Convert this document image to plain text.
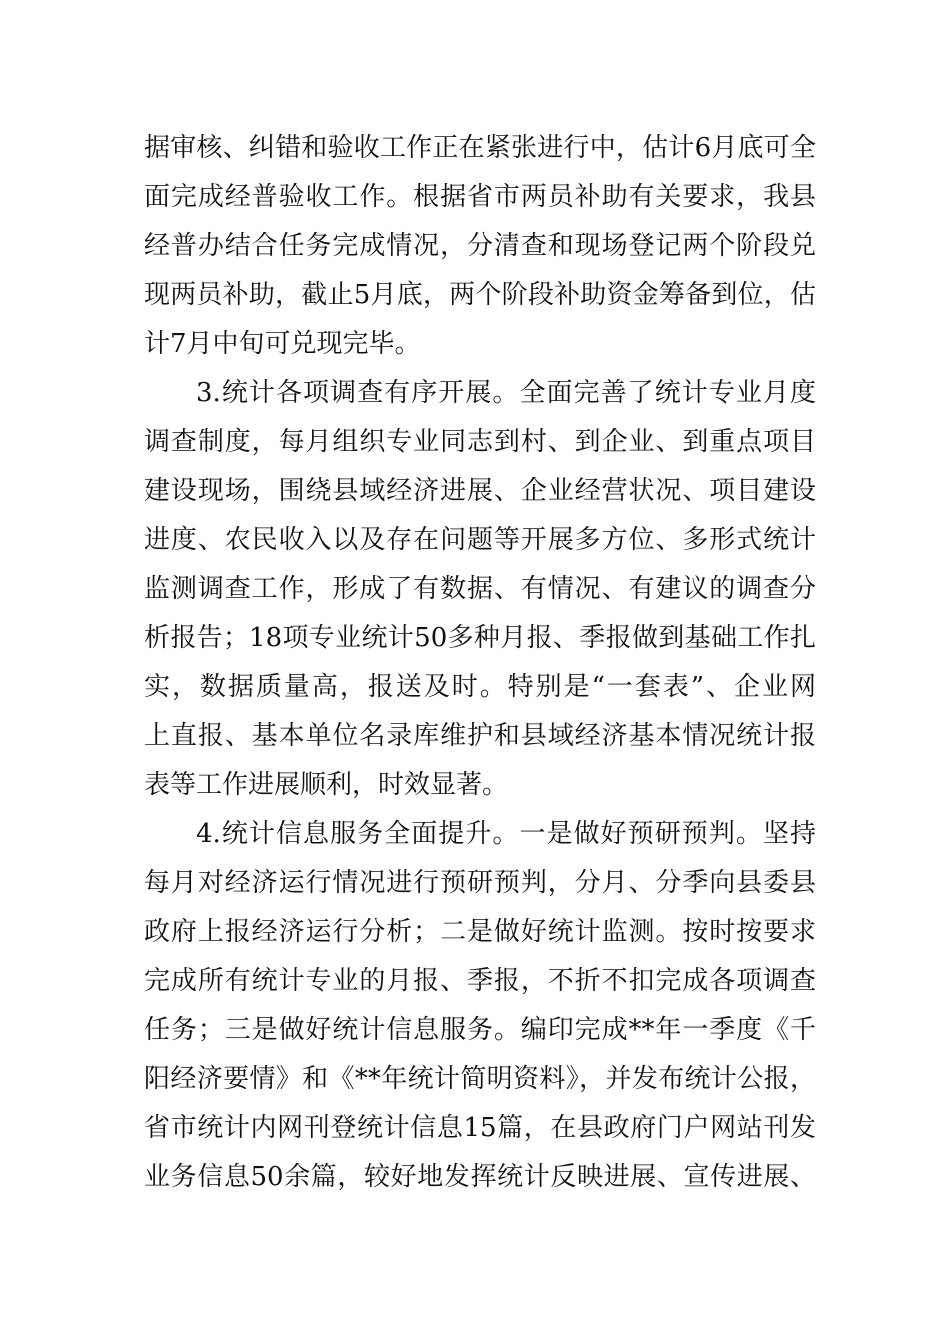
据审核、纠错和验收工作正在紧张进行中，估计6月底可全
面完成经普验收工作。根据省市两员补助有关要求，我县
经普办结合任务完成情况，分清查和现场登记两个阶段兑
现两员补助，截止5月底，两个阶段补助资金筹备到位，估
计7月中旬可兑现完毕。
3.统计各项调查有序开展。全面完善了统计专业月度
调查制度，每月组织专业同志到村、到企业、到重点项目
建设现场，围绕县域经济进展、企业经营状况、项目建设
进度、农民收入以及存在问题等开展多方位、多形式统计
监测调查工作，形成了有数据、有情况、有建议的调查分
析报告；18项专业统计50多种月报、季报做到基础工作扎
实，数据质量高，报送及时。特别是“一套表”、企业网
上直报、基本单位名录库维护和县域经济基本情况统计报
表等工作进展顺利，时效显著。
4.统计信息服务全面提升。一是做好预研预判。坚持
每月对经济运行情况进行预研预判，分月、分季向县委县
政府上报经济运行分析；二是做好统计监测。按时按要求
完成所有统计专业的月报、季报，不折不扣完成各项调查
任务；三是做好统计信息服务。编印完成**年一季度《千
阳经济要情》和《**年统计简明资料》，并发布统计公报，
省市统计内网刊登统计信息15篇，在县政府门户网站刊发
业务信息50余篇，较好地发挥统计反映进展、宣传进展、
